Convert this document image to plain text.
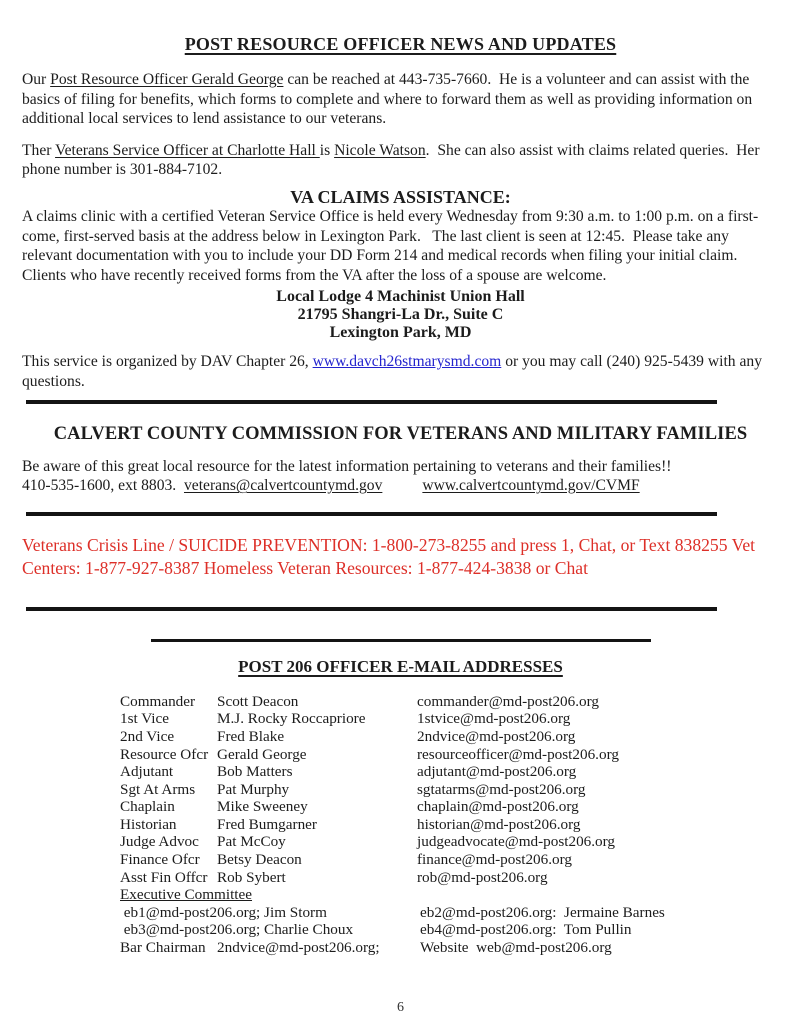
POST RESOURCE OFFICER NEWS AND UPDATES

Our Post Resource Officer Gerald George can be reached at 443-735-7660.  He is a volunteer and can assist with the basics of filing for benefits, which forms to complete and where to forward them as well as providing information on additional local services to lend assistance to our veterans.

Ther Veterans Service Officer at Charlotte Hall is Nicole Watson.  She can also assist with claims related queries.  Her phone number is 301-884-7102.

VA CLAIMS ASSISTANCE:

A claims clinic with a certified Veteran Service Office is held every Wednesday from 9:30 a.m. to 1:00 p.m. on a first-come, first-served basis at the address below in Lexington Park.   The last client is seen at 12:45.  Please take any relevant documentation with you to include your DD Form 214 and medical records when filing your initial claim.  Clients who have recently received forms from the VA after the loss of a spouse are welcome.

Local Lodge 4 Machinist Union Hall
21795 Shangri-La Dr., Suite C
Lexington Park, MD

This service is organized by DAV Chapter 26, www.davch26stmarysmd.com or you may call (240) 925-5439 with any questions.

CALVERT COUNTY COMMISSION FOR VETERANS AND MILITARY FAMILIES

Be aware of this great local resource for the latest information pertaining to veterans and their families!!
410-535-1600, ext 8803.  veterans@calvertcountymd.gov	www.calvertcountymd.gov/CVMF

Veterans Crisis Line / SUICIDE PREVENTION: 1-800-273-8255 and press 1, Chat, or Text 838255 Vet Centers: 1-877-927-8387 Homeless Veteran Resources: 1-877-424-3838 or Chat

POST 206 OFFICER E-MAIL ADDRESSES
Commander	Scott Deacon	commander@md-post206.org
1st Vice	M.J. Rocky Roccapriore	1stvice@md-post206.org
2nd Vice	Fred Blake	2ndvice@md-post206.org
Resource Ofcr Gerald George	resourceofficer@md-post206.org
Adjutant	Bob Matters	adjutant@md-post206.org
Sgt At Arms	Pat Murphy	sgtatarms@md-post206.org
Chaplain	Mike Sweeney	chaplain@md-post206.org
Historian	Fred Bumgarner	historian@md-post206.org
Judge Advoc	Pat McCoy	judgeadvocate@md-post206.org
Finance Ofcr	Betsy Deacon	finance@md-post206.org
Asst Fin Offcr Rob Sybert	rob@md-post206.org
Executive Committee
eb1@md-post206.org; Jim Storm	eb2@md-post206.org:  Jermaine Barnes
eb3@md-post206.org; Charlie Choux	eb4@md-post206.org:  Tom Pullin
Bar Chairman   2ndvice@md-post206.org;	Website  web@md-post206.org
6
